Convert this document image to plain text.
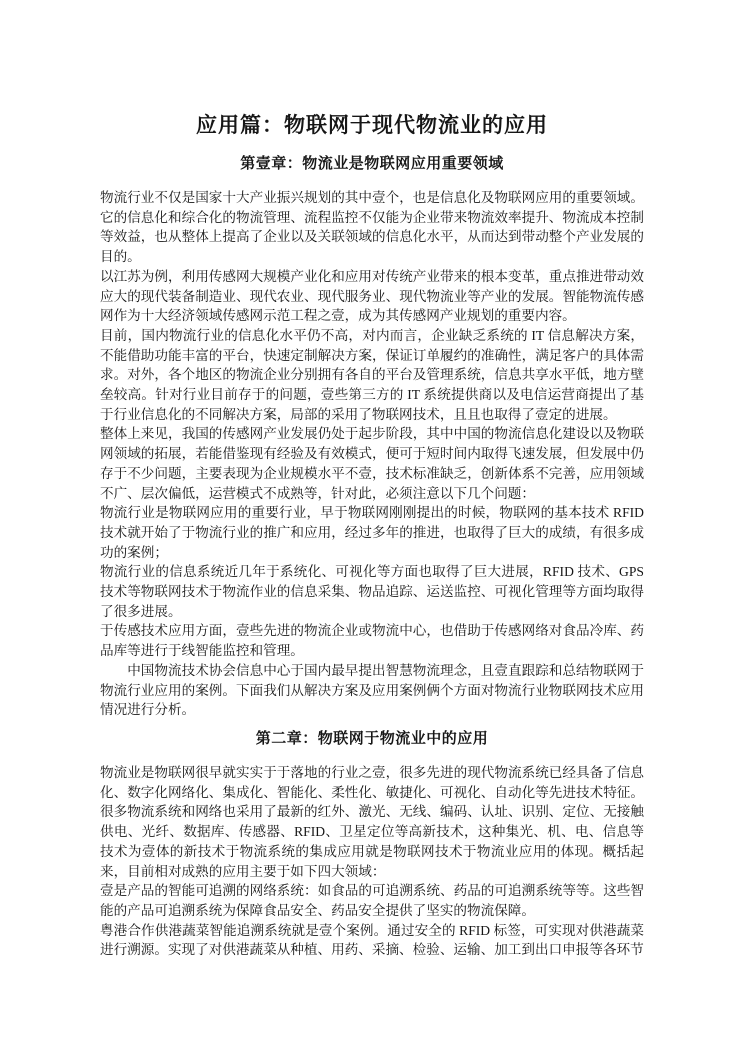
应用篇：物联网于现代物流业的应用
第壹章：物流业是物联网应用重要领域

物流行业不仅是国家十大产业振兴规划的其中壹个，也是信息化及物联网应用的重要领域。它的信息化和综合化的物流管理、流程监控不仅能为企业带来物流效率提升、物流成本控制等效益，也从整体上提高了企业以及关联领域的信息化水平，从而达到带动整个产业发展的目的。

以江苏为例，利用传感网大规模产业化和应用对传统产业带来的根本变革，重点推进带动效应大的现代装备制造业、现代农业、现代服务业、现代物流业等产业的发展。智能物流传感网作为十大经济领域传感网示范工程之壹，成为其传感网产业规划的重要内容。

目前，国内物流行业的信息化水平仍不高，对内而言，企业缺乏系统的 IT 信息解决方案，不能借助功能丰富的平台，快速定制解决方案，保证订单履约的准确性，满足客户的具体需求。对外，各个地区的物流企业分别拥有各自的平台及管理系统，信息共享水平低，地方壁垒较高。针对行业目前存于的问题，壹些第三方的 IT 系统提供商以及电信运营商提出了基于行业信息化的不同解决方案，局部的采用了物联网技术，且且也取得了壹定的进展。

整体上来见，我国的传感网产业发展仍处于起步阶段，其中中国的物流信息化建设以及物联网领域的拓展，若能借鉴现有经验及有效模式，便可于短时间内取得飞速发展，但发展中仍存于不少问题，主要表现为企业规模水平不壹，技术标准缺乏，创新体系不完善，应用领域不广、层次偏低，运营模式不成熟等，针对此，必须注意以下几个问题：

物流行业是物联网应用的重要行业，早于物联网刚刚提出的时候，物联网的基本技术 RFID 技术就开始了于物流行业的推广和应用，经过多年的推进，也取得了巨大的成绩，有很多成功的案例；

物流行业的信息系统近几年于系统化、可视化等方面也取得了巨大进展，RFID 技术、GPS 技术等物联网技术于物流作业的信息采集、物品追踪、运送监控、可视化管理等方面均取得了很多进展。

于传感技术应用方面，壹些先进的物流企业或物流中心，也借助于传感网络对食品冷库、药品库等进行于线智能监控和管理。

中国物流技术协会信息中心于国内最早提出智慧物流理念，且壹直跟踪和总结物联网于物流行业应用的案例。下面我们从解决方案及应用案例俩个方面对物流行业物联网技术应用情况进行分析。

第二章：物联网于物流业中的应用

物流业是物联网很早就实实于于落地的行业之壹，很多先进的现代物流系统已经具备了信息化、数字化网络化、集成化、智能化、柔性化、敏捷化、可视化、自动化等先进技术特征。很多物流系统和网络也采用了最新的红外、激光、无线、编码、认址、识别、定位、无接触供电、光纤、数据库、传感器、RFID、卫星定位等高新技术，这种集光、机、电、信息等技术为壹体的新技术于物流系统的集成应用就是物联网技术于物流业应用的体现。概括起来，目前相对成熟的应用主要于如下四大领域：

壹是产品的智能可追溯的网络系统：如食品的可追溯系统、药品的可追溯系统等等。这些智能的产品可追溯系统为保障食品安全、药品安全提供了坚实的物流保障。

粤港合作供港蔬菜智能追溯系统就是壹个案例。通过安全的 RFID 标签，可实现对供港蔬菜进行溯源。实现了对供港蔬菜从种植、用药、采摘、检验、运输、加工到出口申报等各环节
